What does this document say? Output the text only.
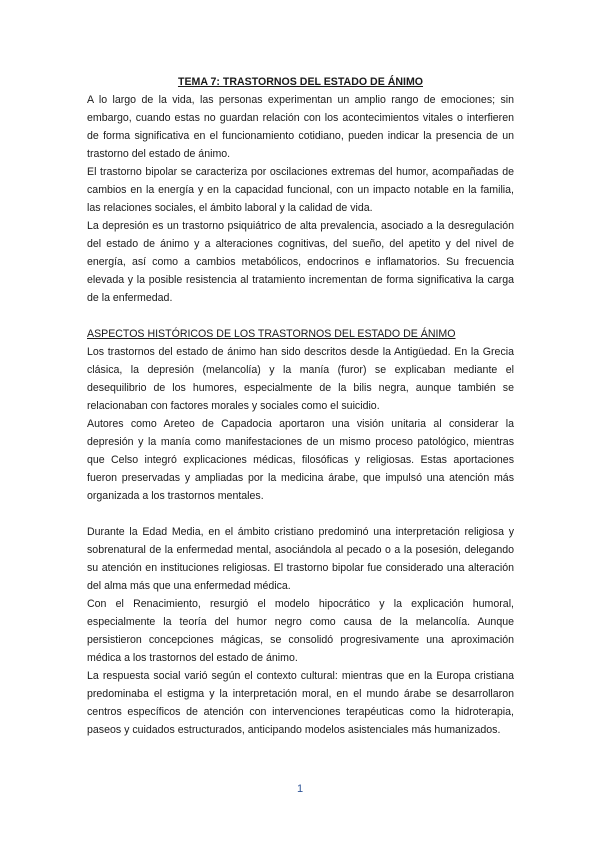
TEMA 7: TRASTORNOS DEL ESTADO DE ÁNIMO

A lo largo de la vida, las personas experimentan un amplio rango de emociones; sin embargo, cuando estas no guardan relación con los acontecimientos vitales o interfieren de forma significativa en el funcionamiento cotidiano, pueden indicar la presencia de un trastorno del estado de ánimo.

El trastorno bipolar se caracteriza por oscilaciones extremas del humor, acompañadas de cambios en la energía y en la capacidad funcional, con un impacto notable en la familia, las relaciones sociales, el ámbito laboral y la calidad de vida.

La depresión es un trastorno psiquiátrico de alta prevalencia, asociado a la desregulación del estado de ánimo y a alteraciones cognitivas, del sueño, del apetito y del nivel de energía, así como a cambios metabólicos, endocrinos e inflamatorios. Su frecuencia elevada y la posible resistencia al tratamiento incrementan de forma significativa la carga de la enfermedad.

ASPECTOS HISTÓRICOS DE LOS TRASTORNOS DEL ESTADO DE ÁNIMO

Los trastornos del estado de ánimo han sido descritos desde la Antigüedad. En la Grecia clásica, la depresión (melancolía) y la manía (furor) se explicaban mediante el desequilibrio de los humores, especialmente de la bilis negra, aunque también se relacionaban con factores morales y sociales como el suicidio.

Autores como Areteo de Capadocia aportaron una visión unitaria al considerar la depresión y la manía como manifestaciones de un mismo proceso patológico, mientras que Celso integró explicaciones médicas, filosóficas y religiosas. Estas aportaciones fueron preservadas y ampliadas por la medicina árabe, que impulsó una atención más organizada a los trastornos mentales.

Durante la Edad Media, en el ámbito cristiano predominó una interpretación religiosa y sobrenatural de la enfermedad mental, asociándola al pecado o a la posesión, delegando su atención en instituciones religiosas. El trastorno bipolar fue considerado una alteración del alma más que una enfermedad médica.

Con el Renacimiento, resurgió el modelo hipocrático y la explicación humoral, especialmente la teoría del humor negro como causa de la melancolía. Aunque persistieron concepciones mágicas, se consolidó progresivamente una aproximación médica a los trastornos del estado de ánimo.

La respuesta social varió según el contexto cultural: mientras que en la Europa cristiana predominaba el estigma y la interpretación moral, en el mundo árabe se desarrollaron centros específicos de atención con intervenciones terapéuticas como la hidroterapia, paseos y cuidados estructurados, anticipando modelos asistenciales más humanizados.

1
